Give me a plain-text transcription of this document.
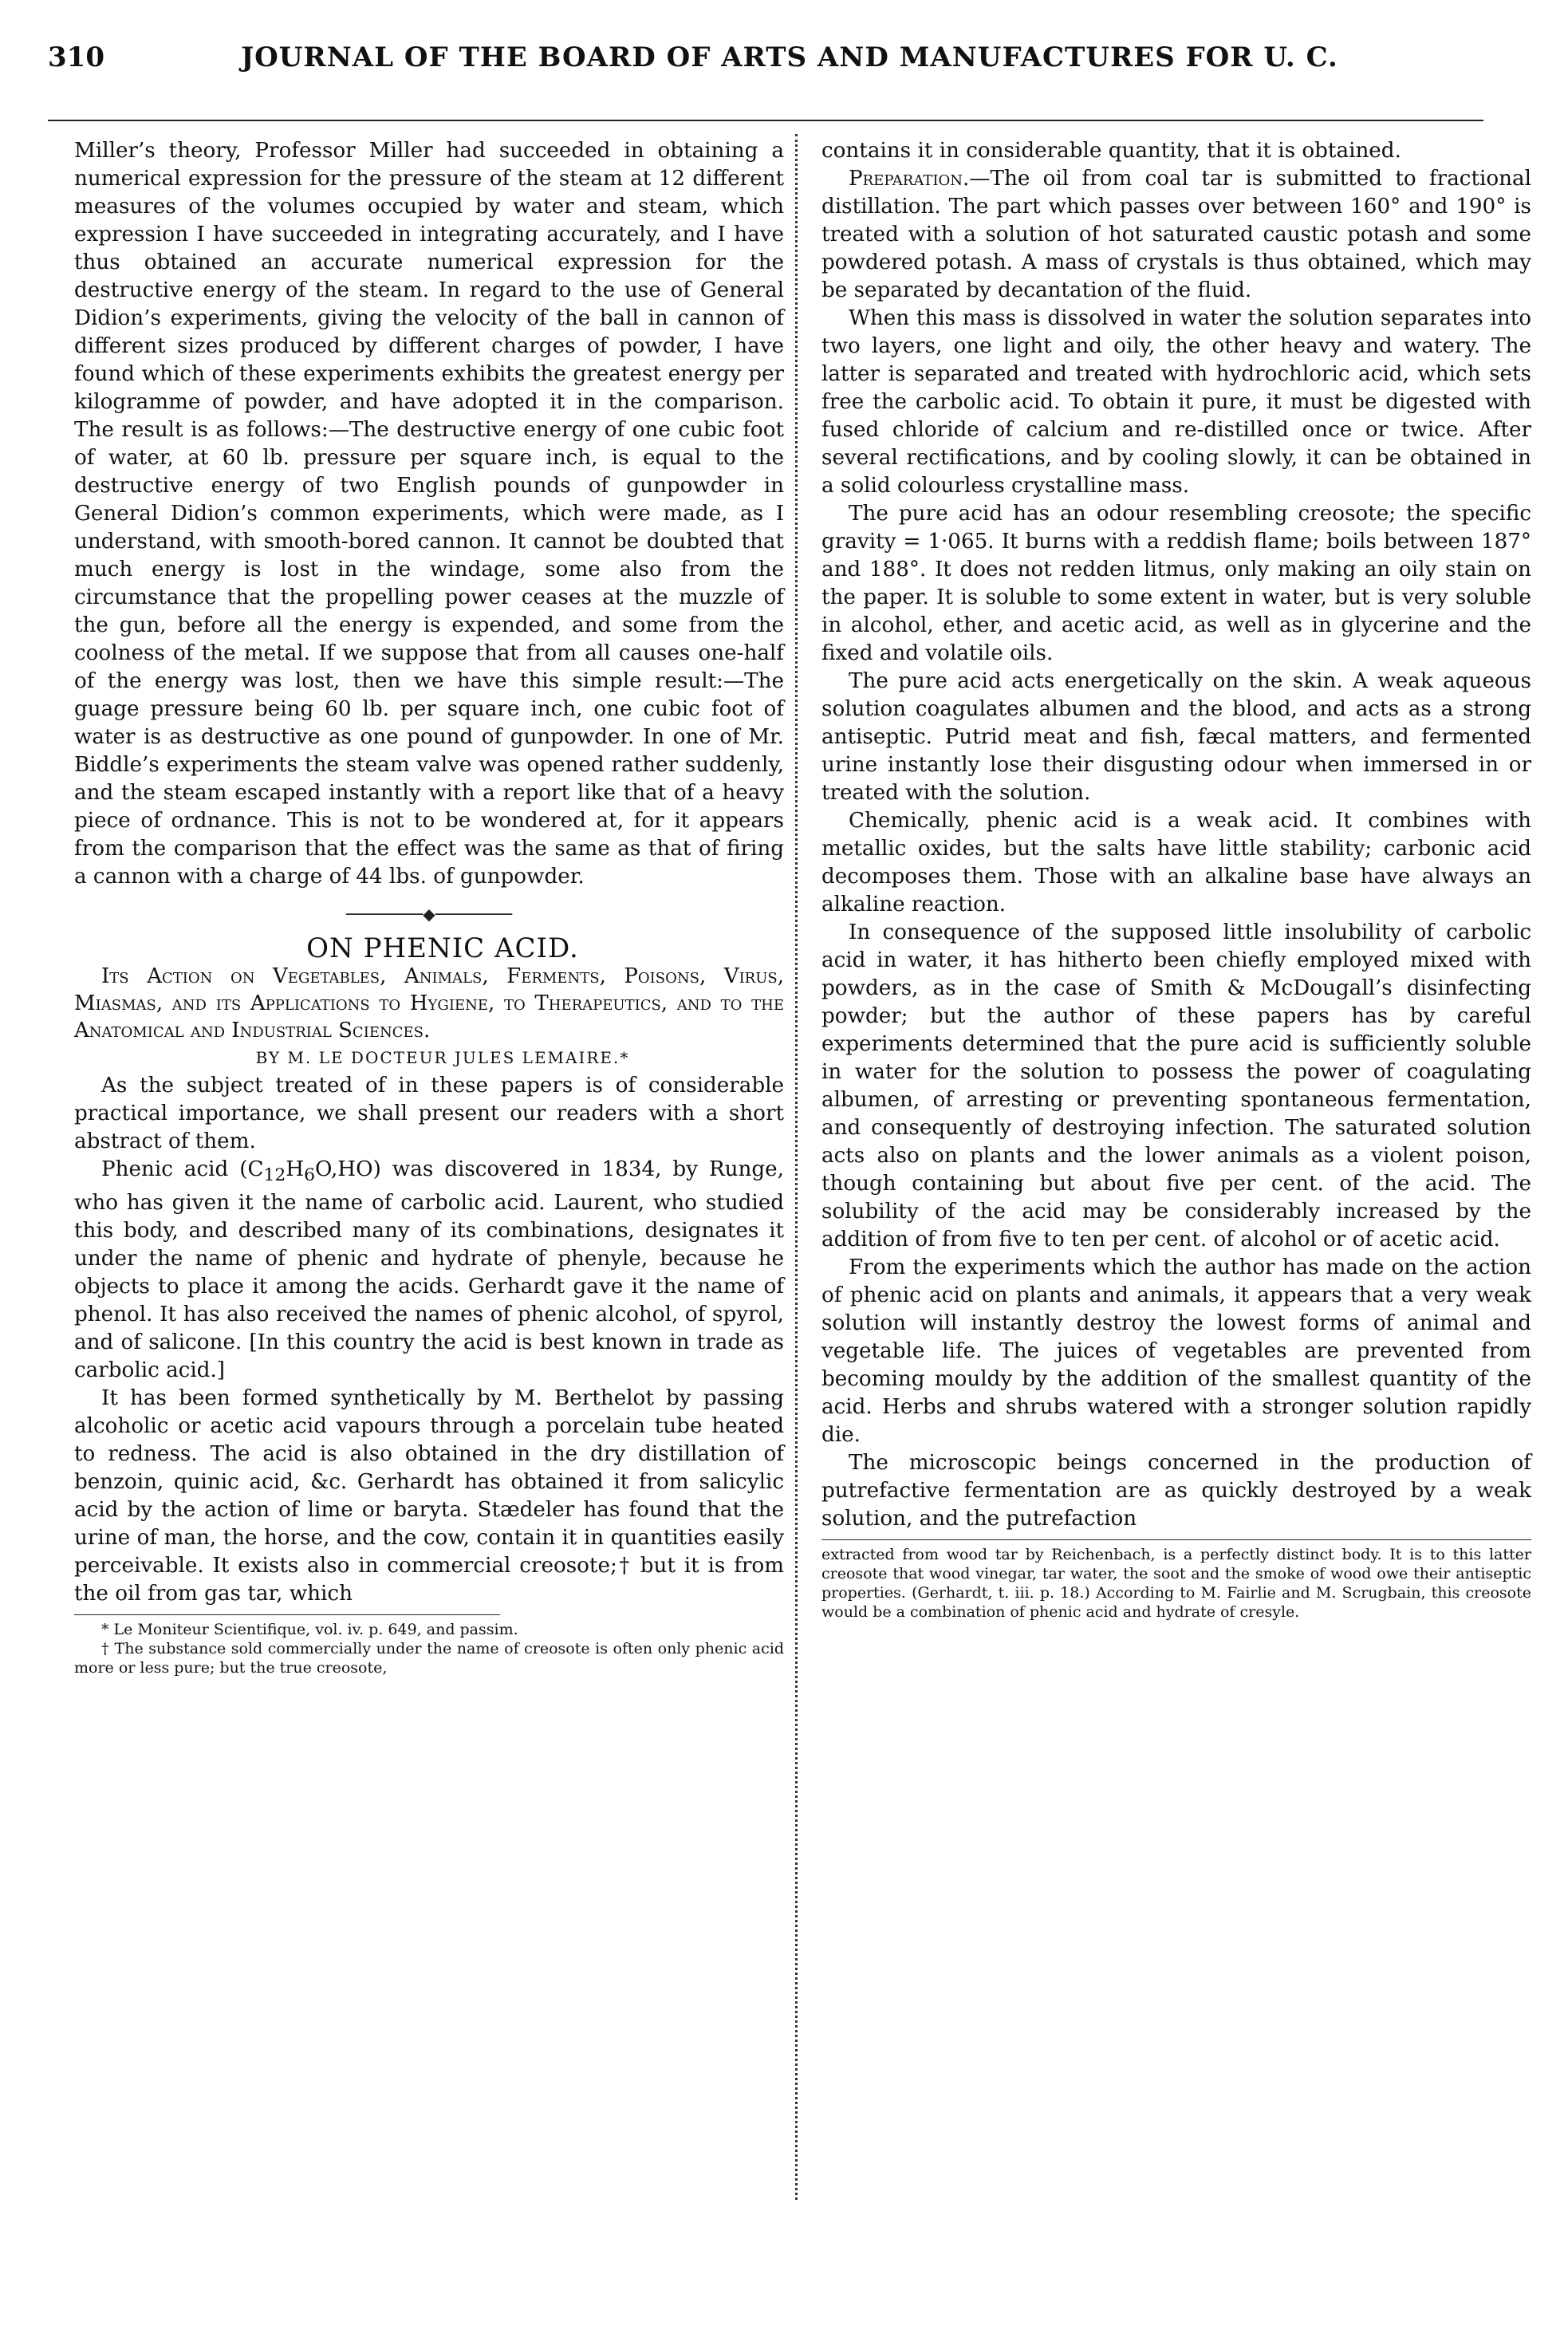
310	JOURNAL OF THE BOARD OF ARTS AND MANUFACTURES FOR U. C.

Miller’s theory, Professor Miller had succeeded in obtaining a numerical expression for the pressure of the steam at 12 different measures of the volumes occupied by water and steam, which expression I have succeeded in integrating accurately, and I have thus obtained an accurate numerical expression for the destructive energy of the steam. In regard to the use of General Didion’s experiments, giving the velocity of the ball in cannon of different sizes produced by different charges of powder, I have found which of these experiments exhibits the greatest energy per kilogramme of powder, and have adopted it in the comparison. The result is as follows:—The destructive energy of one cubic foot of water, at 60 lb. pressure per square inch, is equal to the destructive energy of two English pounds of gunpowder in General Didion’s common experiments, which were made, as I understand, with smooth-bored cannon. It cannot be doubted that much energy is lost in the windage, some also from the circumstance that the propelling power ceases at the muzzle of the gun, before all the energy is expended, and some from the coolness of the metal. If we suppose that from all causes one-half of the energy was lost, then we have this simple result:—The guage pressure being 60 lb. per square inch, one cubic foot of water is as destructive as one pound of gunpowder. In one of Mr. Biddle’s experiments the steam valve was opened rather suddenly, and the steam escaped instantly with a report like that of a heavy piece of ordnance. This is not to be wondered at, for it appears from the comparison that the effect was the same as that of firing a cannon with a charge of 44 lbs. of gunpowder.

────────◆────────

ON PHENIC ACID.

Its Action on Vegetables, Animals, Ferments, Poisons, Virus, Miasmas, and its Applications to Hygiene, to Therapeutics, and to the Anatomical and Industrial Sciences.

BY M. LE DOCTEUR JULES LEMAIRE.*

As the subject treated of in these papers is of considerable practical importance, we shall present our readers with a short abstract of them.

Phenic acid $(C_{12}H_6O,HO)$ was discovered in 1834, by Runge, who has given it the name of carbolic acid. Laurent, who studied this body, and described many of its combinations, designates it under the name of phenic and hydrate of phenyle, because he objects to place it among the acids. Gerhardt gave it the name of phenol. It has also received the names of phenic alcohol, of spyrol, and of salicone. [In this country the acid is best known in trade as carbolic acid.]

It has been formed synthetically by M. Berthelot by passing alcoholic or acetic acid vapours through a porcelain tube heated to redness. The acid is also obtained in the dry distillation of benzoin, quinic acid, &c. Gerhardt has obtained it from salicylic acid by the action of lime or baryta. Stædeler has found that the urine of man, the horse, and the cow, contain it in quantities easily perceivable. It exists also in commercial creosote;† but it is from the oil from gas tar, which

* Le Moniteur Scientifique, vol. iv. p. 649, and passim.

† The substance sold commercially under the name of creosote is often only phenic acid more or less pure; but the true creosote,

contains it in considerable quantity, that it is obtained.

Preparation.—The oil from coal tar is submitted to fractional distillation. The part which passes over between 160° and 190° is treated with a solution of hot saturated caustic potash and some powdered potash. A mass of crystals is thus obtained, which may be separated by decantation of the fluid.

When this mass is dissolved in water the solution separates into two layers, one light and oily, the other heavy and watery. The latter is separated and treated with hydrochloric acid, which sets free the carbolic acid. To obtain it pure, it must be digested with fused chloride of calcium and re-distilled once or twice. After several rectifications, and by cooling slowly, it can be obtained in a solid colourless crystalline mass.

The pure acid has an odour resembling creosote; the specific gravity = 1·065. It burns with a reddish flame; boils between 187° and 188°. It does not redden litmus, only making an oily stain on the paper. It is soluble to some extent in water, but is very soluble in alcohol, ether, and acetic acid, as well as in glycerine and the fixed and volatile oils.

The pure acid acts energetically on the skin. A weak aqueous solution coagulates albumen and the blood, and acts as a strong antiseptic. Putrid meat and fish, fæcal matters, and fermented urine instantly lose their disgusting odour when immersed in or treated with the solution.

Chemically, phenic acid is a weak acid. It combines with metallic oxides, but the salts have little stability; carbonic acid decomposes them. Those with an alkaline base have always an alkaline reaction.

In consequence of the supposed little insolubility of carbolic acid in water, it has hitherto been chiefly employed mixed with powders, as in the case of Smith & McDougall’s disinfecting powder; but the author of these papers has by careful experiments determined that the pure acid is sufficiently soluble in water for the solution to possess the power of coagulating albumen, of arresting or preventing spontaneous fermentation, and consequently of destroying infection. The saturated solution acts also on plants and the lower animals as a violent poison, though containing but about five per cent. of the acid. The solubility of the acid may be considerably increased by the addition of from five to ten per cent. of alcohol or of acetic acid.

From the experiments which the author has made on the action of phenic acid on plants and animals, it appears that a very weak solution will instantly destroy the lowest forms of animal and vegetable life. The juices of vegetables are prevented from becoming mouldy by the addition of the smallest quantity of the acid. Herbs and shrubs watered with a stronger solution rapidly die.

The microscopic beings concerned in the production of putrefactive fermentation are as quickly destroyed by a weak solution, and the putrefaction

extracted from wood tar by Reichenbach, is a perfectly distinct body. It is to this latter creosote that wood vinegar, tar water, the soot and the smoke of wood owe their antiseptic properties. (Gerhardt, t. iii. p. 18.) According to M. Fairlie and M. Scrugbain, this creosote would be a combination of phenic acid and hydrate of cresyle.
